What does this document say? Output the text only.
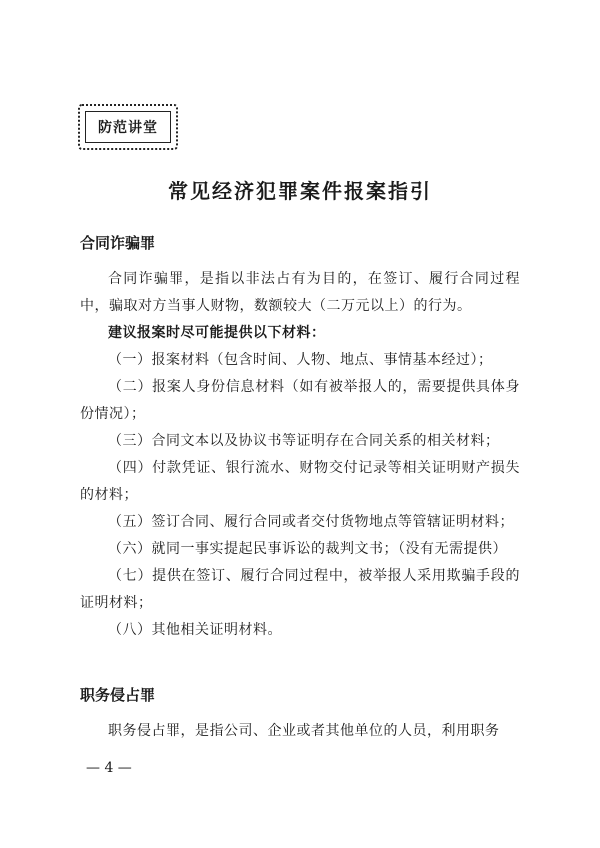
防范讲堂
常见经济犯罪案件报案指引
合同诈骗罪
合同诈骗罪，是指以非法占有为目的，在签订、履行合同过程中，骗取对方当事人财物，数额较大（二万元以上）的行为。
建议报案时尽可能提供以下材料：
（一）报案材料（包含时间、人物、地点、事情基本经过）；
（二）报案人身份信息材料（如有被举报人的，需要提供具体身份情况）；
（三）合同文本以及协议书等证明存在合同关系的相关材料；
（四）付款凭证、银行流水、财物交付记录等相关证明财产损失的材料；
（五）签订合同、履行合同或者交付货物地点等管辖证明材料；
（六）就同一事实提起民事诉讼的裁判文书；（没有无需提供）
（七）提供在签订、履行合同过程中，被举报人采用欺骗手段的证明材料；
（八）其他相关证明材料。
职务侵占罪
职务侵占罪，是指公司、企业或者其他单位的人员，利用职务
— 4 —
